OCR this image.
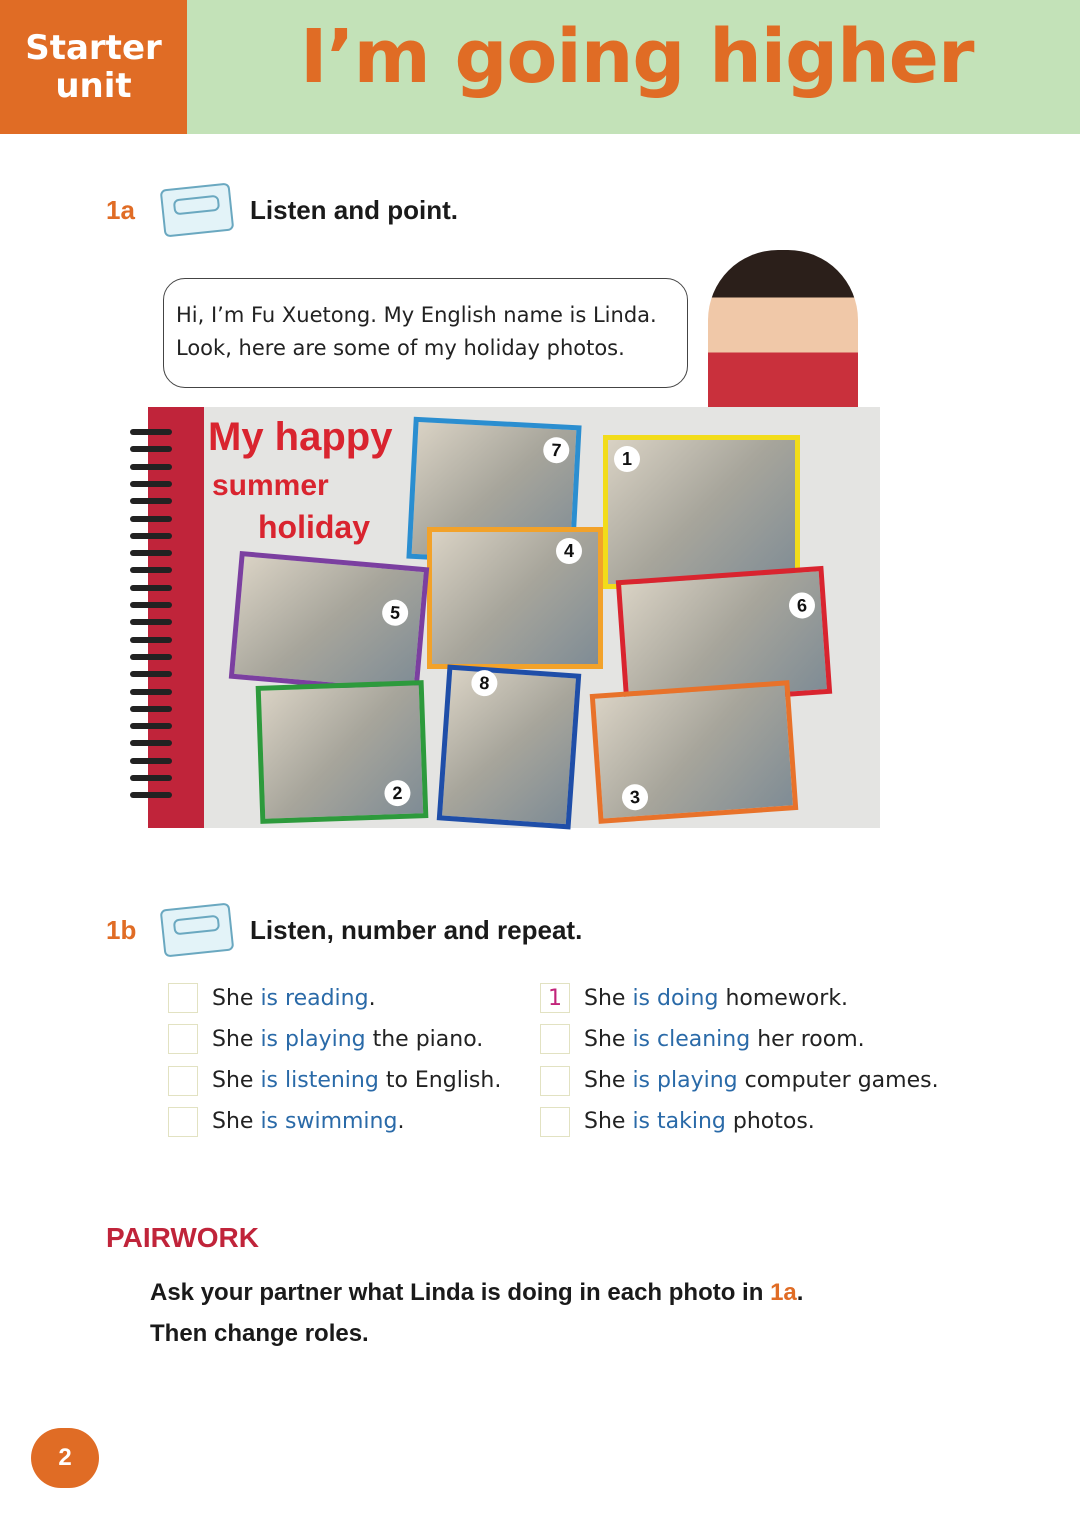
Starter
unit I’m going higher
1a	Listen and point.
Hi, I’m Fu Xuetong. My English name is Linda.
Look, here are some of my holiday photos.
7	1
6
4
5
2
8
3
My happy
summer
holiday
1b	Listen, number and repeat.
She is reading .
She is playing the piano.
She is listening to English.
She is swimming .
1	She is doing homework.
She is cleaning her room.
She is playing computer games.
She is taking photos.
PAIRWORK
Ask your partner what Linda is doing in each photo in 1a.
Then change roles.
2
